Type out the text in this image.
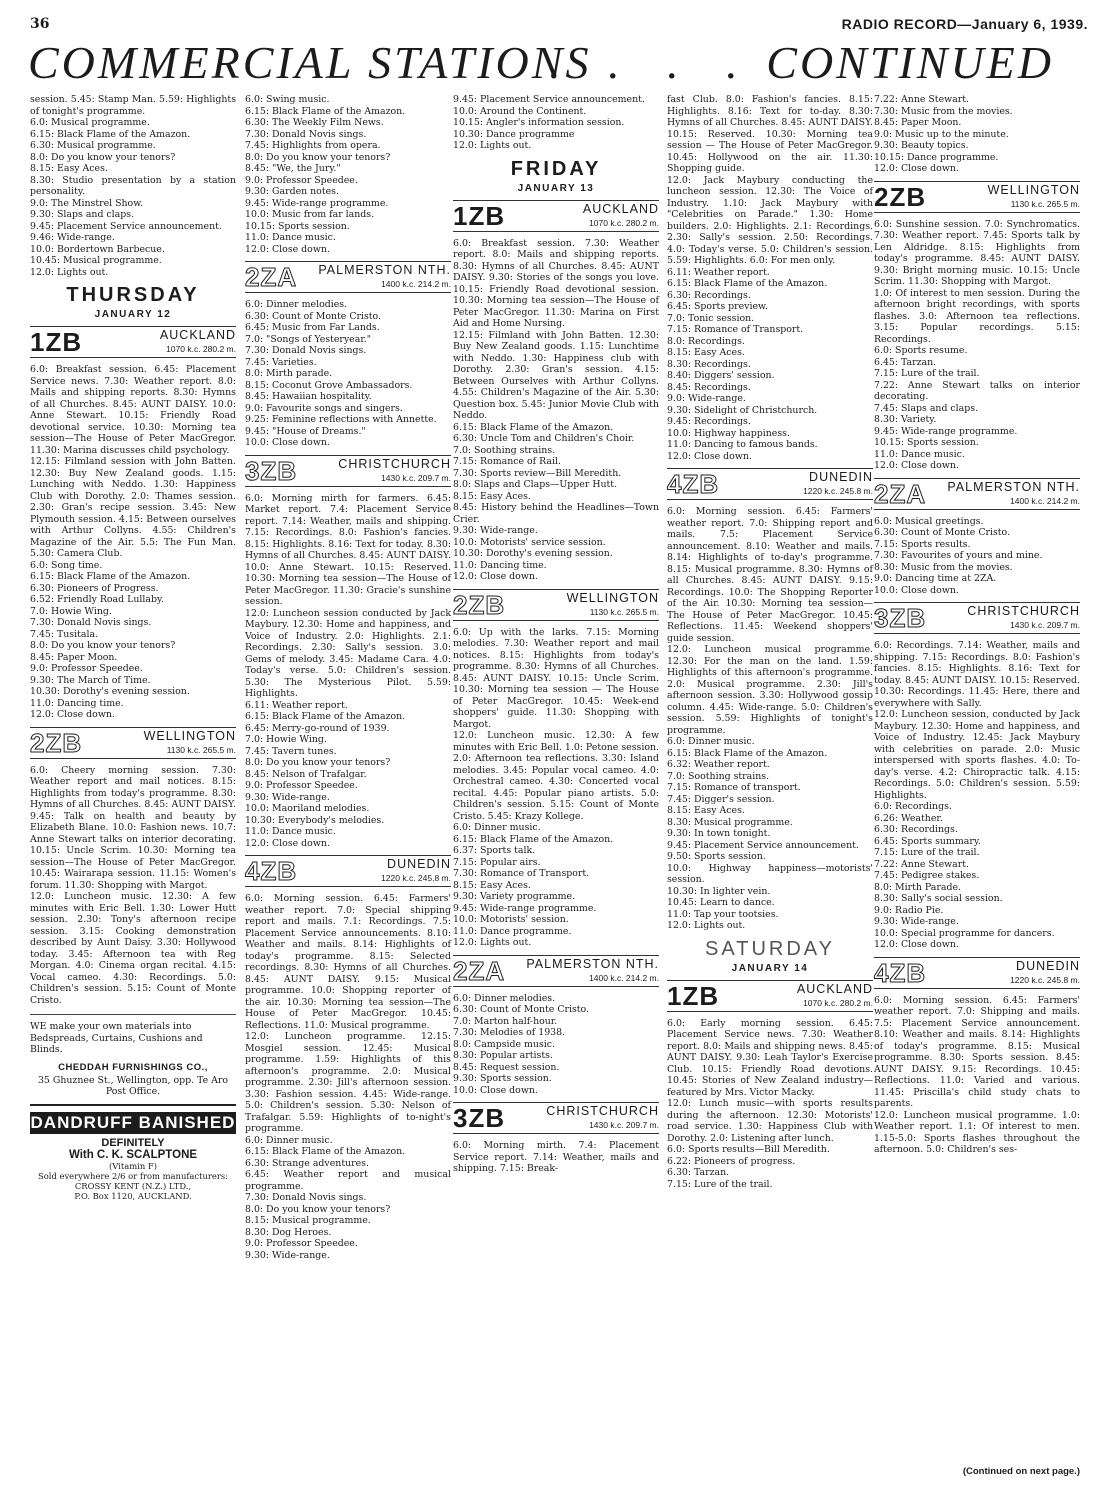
36	RADIO RECORD—January 6, 1939.
COMMERCIAL STATIONS
. . . . CONTINUED

session. 5.45: Stamp Man. 5.59: Highlights of tonight's programme.
6.0: Musical programme.
6.15: Black Flame of the Amazon.
6.30: Musical programme.
8.0: Do you know your tenors?
8.15: Easy Aces.
8.30: Studio presentation by a station personality.
9.0: The Minstrel Show.
9.30: Slaps and claps.
9.45: Placement Service announcement.
9.46: Wide-range.
10.0: Bordertown Barbecue.
10.45: Musical programme.
12.0: Lights out.

THURSDAY
JANUARY 12
1ZB	AUCKLAND
1070 k.c. 280.2 m.

6.0: Breakfast session. 6.45: Placement Service news. 7.30: Weather report. 8.0: Mails and shipping reports. 8.30: Hymns of all Churches. 8.45: AUNT DAISY. 10.0: Anne Stewart. 10.15: Friendly Road devotional service. 10.30: Morning tea session—The House of Peter MacGregor. 11.30: Marina discusses child psychology.
12.15: Filmland session with John Batten. 12.30: Buy New Zealand goods. 1.15: Lunching with Neddo. 1.30: Happiness Club with Dorothy. 2.0: Thames session. 2.30: Gran's recipe session. 3.45: New Plymouth session. 4.15: Between ourselves with Arthur Collyns. 4.55: Children's Magazine of the Air. 5.5: The Fun Man. 5.30: Camera Club.
6.0: Song time.
6.15: Black Flame of the Amazon.
6.30: Pioneers of Progress.
6.52: Friendly Road Lullaby.
7.0: Howie Wing.
7.30: Donald Novis sings.
7.45: Tusitala.
8.0: Do you know your tenors?
8.45: Paper Moon.
9.0: Professor Speedee.
9.30: The March of Time.
10.30: Dorothy's evening session.
11.0: Dancing time.
12.0: Close down.

2ZB	WELLINGTON
1130 k.c. 265.5 m.

6.0: Cheery morning session. 7.30: Weather report and mail notices. 8.15: Highlights from today's programme. 8.30: Hymns of all Churches. 8.45: AUNT DAISY. 9.45: Talk on health and beauty by Elizabeth Blane. 10.0: Fashion news. 10.7: Anne Stewart talks on interior decorating. 10.15: Uncle Scrim. 10.30: Morning tea session—The House of Peter MacGregor. 10.45: Wairarapa session. 11.15: Women's forum. 11.30: Shopping with Margot.
12.0: Luncheon music. 12.30: A few minutes with Eric Bell. 1.30: Lower Hutt session. 2.30: Tony's afternoon recipe session. 3.15: Cooking demonstration described by Aunt Daisy. 3.30: Hollywood today. 3.45: Afternoon tea with Reg Morgan. 4.0: Cinema organ recital. 4.15: Vocal cameo. 4.30: Recordings. 5.0: Children's session. 5.15: Count of Monte Cristo.

WE make your own materials into Bedspreads, Curtains, Cushions and Blinds.

CHEDDAH FURNISHINGS CO.,

35 Ghuznee St., Wellington, opp. Te Aro Post Office.

DANDRUFF BANISHED
DEFINITELY
With C. K. SCALPTONE
(Vitamin F)
Sold everywhere 2/6 or from manufacturers:
CROSSY KENT (N.Z.) LTD.,
P.O. Box 1120, AUCKLAND.

6.0: Swing music.
6.15: Black Flame of the Amazon.
6.30: The Weekly Film News.
7.30: Donald Novis sings.
7.45: Highlights from opera.
8.0: Do you know your tenors?
8.45: "We, the Jury."
9.0: Professor Speedee.
9.30: Garden notes.
9.45: Wide-range programme.
10.0: Music from far lands.
10.15: Sports session.
11.0: Dance music.
12.0: Close down.

2ZA	PALMERSTON NTH.
1400 k.c. 214.2 m.

6.0: Dinner melodies.
6.30: Count of Monte Cristo.
6.45: Music from Far Lands.
7.0: "Songs of Yesteryear."
7.30: Donald Novis sings.
7.45: Varieties.
8.0: Mirth parade.
8.15: Coconut Grove Ambassadors.
8.45: Hawaiian hospitality.
9.0: Favourite songs and singers.
9.25: Feminine reflections with Annette.
9.45: "House of Dreams."
10.0: Close down.

3ZB	CHRISTCHURCH
1430 k.c. 209.7 m.

6.0: Morning mirth for farmers. 6.45: Market report. 7.4: Placement Service report. 7.14: Weather, mails and shipping. 7.15: Recordings. 8.0: Fashion's fancies. 8.15: Highlights. 8.16: Text for today. 8.30: Hymns of all Churches. 8.45: AUNT DAISY. 10.0: Anne Stewart. 10.15: Reserved. 10.30: Morning tea session—The House of Peter MacGregor. 11.30: Gracie's sunshine session.
12.0: Luncheon session conducted by Jack Maybury. 12.30: Home and happiness, and Voice of Industry. 2.0: Highlights. 2.1: Recordings. 2.30: Sally's session. 3.0: Gems of melody. 3.45: Madame Cara. 4.0: Today's verse. 5.0: Children's session. 5.30: The Mysterious Pilot. 5.59: Highlights.
6.11: Weather report.
6.15: Black Flame of the Amazon.
6.45: Merry-go-round of 1939.
7.0: Howie Wing.
7.45: Tavern tunes.
8.0: Do you know your tenors?
8.45: Nelson of Trafalgar.
9.0: Professor Speedee.
9.30: Wide-range.
10.0: Maoriland melodies.
10.30: Everybody's melodies.
11.0: Dance music.
12.0: Close down.

4ZB	DUNEDIN
1220 k.c. 245.8 m.

6.0: Morning session. 6.45: Farmers' weather report. 7.0: Special shipping report and mails. 7.1: Recordings. 7.5: Placement Service announcements. 8.10: Weather and mails. 8.14: Highlights of today's programme. 8.15: Selected recordings. 8.30: Hymns of all Churches. 8.45: AUNT DAISY. 9.15: Musical programme. 10.0: Shopping reporter of the air. 10.30: Morning tea session—The House of Peter MacGregor. 10.45: Reflections. 11.0: Musical programme.
12.0: Luncheon programme. 12.15: Mosgiel session. 12.45: Musical programme. 1.59: Highlights of this afternoon's programme. 2.0: Musical programme. 2.30: Jill's afternoon session. 3.30: Fashion session. 4.45: Wide-range. 5.0: Children's session. 5.30: Nelson of Trafalgar. 5.59: Highlights of to-night's programme.
6.0: Dinner music.
6.15: Black Flame of the Amazon.
6.30: Strange adventures.
6.45: Weather report and musical programme.
7.30: Donald Novis sings.
8.0: Do you know your tenors?
8.15: Musical programme.
8.30: Dog Heroes.
9.0: Professor Speedee.
9.30: Wide-range.

9.45: Placement Service announcement.
10.0: Around the Continent.
10.15: Angler's information session.
10.30: Dance programme
12.0: Lights out.

FRIDAY
JANUARY 13
1ZB	AUCKLAND
1070 k.c. 280.2 m.

6.0: Breakfast session. 7.30: Weather report. 8.0: Mails and shipping reports. 8.30: Hymns of all Churches. 8.45: AUNT DAISY. 9.30: Stories of the songs you love. 10.15: Friendly Road devotional session. 10.30: Morning tea session—The House of Peter MacGregor. 11.30: Marina on First Aid and Home Nursing.
12.15: Filmland with John Batten. 12.30: Buy New Zealand goods. 1.15: Lunchtime with Neddo. 1.30: Happiness club with Dorothy. 2.30: Gran's session. 4.15: Between Ourselves with Arthur Collyns. 4.55: Children's Magazine of the Air. 5.30: Question box. 5.45: Junior Movie Club with Neddo.
6.15: Black Flame of the Amazon.
6.30: Uncle Tom and Children's Choir.
7.0: Soothing strains.
7.15: Romance of Rail.
7.30: Sports review—Bill Meredith.
8.0: Slaps and Claps—Upper Hutt.
8.15: Easy Aces.
8.45: History behind the Headlines—Town Crier.
9.30: Wide-range.
10.0: Motorists' service session.
10.30: Dorothy's evening session.
11.0: Dancing time.
12.0: Close down.

2ZB	WELLINGTON
1130 k.c. 265.5 m.

6.0: Up with the larks. 7.15: Morning melodies. 7.30: Weather report and mail notices. 8.15: Highlights from today's programme. 8.30: Hymns of all Churches. 8.45: AUNT DAISY. 10.15: Uncle Scrim. 10.30: Morning tea session — The House of Peter MacGregor. 10.45: Week-end shoppers' guide. 11.30: Shopping with Margot.
12.0: Luncheon music. 12.30: A few minutes with Eric Bell. 1.0: Petone session. 2.0: Afternoon tea reflections. 3.30: Island melodies. 3.45: Popular vocal cameo. 4.0: Orchestral cameo. 4.30: Concerted vocal recital. 4.45: Popular piano artists. 5.0: Children's session. 5.15: Count of Monte Cristo. 5.45: Krazy Kollege.
6.0: Dinner music.
6.15: Black Flame of the Amazon.
6.37: Sports talk.
7.15: Popular airs.
7.30: Romance of Transport.
8.15: Easy Aces.
9.30: Variety programme.
9.45: Wide-range programme.
10.0: Motorists' session.
11.0: Dance programme.
12.0: Lights out.

2ZA	PALMERSTON NTH.
1400 k.c. 214.2 m.

6.0: Dinner melodies.
6.30: Count of Monte Cristo.
7.0: Marton half-hour.
7.30: Melodies of 1938.
8.0: Campside music.
8.30: Popular artists.
8.45: Request session.
9.30: Sports session.
10.0: Close down.

3ZB	CHRISTCHURCH
1430 k.c. 209.7 m.

6.0: Morning mirth. 7.4: Placement Service report. 7.14: Weather, mails and shipping. 7.15: Break-

fast Club. 8.0: Fashion's fancies. 8.15: Highlights. 8.16: Text for to-day. 8.30: Hymns of all Churches. 8.45: AUNT DAISY. 10.15: Reserved. 10.30: Morning tea session — The House of Peter MacGregor. 10.45: Hollywood on the air. 11.30: Shopping guide.
12.0: Jack Maybury conducting the luncheon session. 12.30: The Voice of Industry. 1.10: Jack Maybury with "Celebrities on Parade." 1.30: Home builders. 2.0: Highlights. 2.1: Recordings. 2.30: Sally's session. 2.50: Recordings. 4.0: Today's verse. 5.0: Children's session. 5.59: Highlights. 6.0: For men only.
6.11: Weather report.
6.15: Black Flame of the Amazon.
6.30: Recordings.
6.45: Sports preview.
7.0: Tonic session.
7.15: Romance of Transport.
8.0: Recordings.
8.15: Easy Aces.
8.30: Recordings.
8.40: Diggers' session.
8.45: Recordings.
9.0: Wide-range.
9.30: Sidelight of Christchurch.
9.45: Recordings.
10.0: Highway happiness.
11.0: Dancing to famous bands.
12.0: Close down.

4ZB	DUNEDIN
1220 k.c. 245.8 m.

6.0: Morning session. 6.45: Farmers' weather report. 7.0: Shipping report and mails. 7.5: Placement Service announcement. 8.10: Weather and mails. 8.14: Highlights of to-day's programme. 8.15: Musical programme. 8.30: Hymns of all Churches. 8.45: AUNT DAISY. 9.15: Recordings. 10.0: The Shopping Reporter of the Air. 10.30: Morning tea session—The House of Peter MacGregor. 10.45: Reflections. 11.45: Weekend shoppers' guide session.
12.0: Luncheon musical programme. 12.30: For the man on the land. 1.59: Highlights of this afternoon's programme. 2.0: Musical programme. 2.30: Jill's afternoon session. 3.30: Hollywood gossip column. 4.45: Wide-range. 5.0: Children's session. 5.59: Highlights of tonight's programme.
6.0: Dinner music.
6.15: Black Flame of the Amazon.
6.32: Weather report.
7.0: Soothing strains.
7.15: Romance of transport.
7.45: Digger's session.
8.15: Easy Aces.
8.30: Musical programme.
9.30: In town tonight.
9.45: Placement Service announcement.
9.50: Sports session.
10.0: Highway happiness—motorists' session.
10.30: In lighter vein.
10.45: Learn to dance.
11.0: Tap your tootsies.
12.0: Lights out.

SATURDAY
JANUARY 14
1ZB	AUCKLAND
1070 k.c. 280.2 m.

6.0: Early morning session. 6.45: Placement Service news. 7.30: Weather report. 8.0: Mails and shipping news. 8.45: AUNT DAISY. 9.30: Leah Taylor's Exercise Club. 10.15: Friendly Road devotions. 10.45: Stories of New Zealand industry—featured by Mrs. Victor Macky.
12.0: Lunch music—with sports results during the afternoon. 12.30: Motorists' road service. 1.30: Happiness Club with Dorothy. 2.0: Listening after lunch.
6.0: Sports results—Bill Meredith.
6.22: Pioneers of progress.
6.30: Tarzan.
7.15: Lure of the trail.

7.22: Anne Stewart.
7.30: Music from the movies.
8.45: Paper Moon.
9.0: Music up to the minute.
9.30: Beauty topics.
10.15: Dance programme.
12.0: Close down.

2ZB	WELLINGTON
1130 k.c. 265.5 m.

6.0: Sunshine session. 7.0: Synchromatics. 7.30: Weather report. 7.45: Sports talk by Len Aldridge. 8.15: Highlights from today's programme. 8.45: AUNT DAISY. 9.30: Bright morning music. 10.15: Uncle Scrim. 11.30: Shopping with Margot.
1.0: Of interest to men session. During the afternoon bright recordings, with sports flashes. 3.0: Afternoon tea reflections. 3.15: Popular recordings. 5.15: Recordings.
6.0: Sports resume.
6.45: Tarzan.
7.15: Lure of the trail.
7.22: Anne Stewart talks on interior decorating.
7.45: Slaps and claps.
8.30: Variety.
9.45: Wide-range programme.
10.15: Sports session.
11.0: Dance music.
12.0: Close down.

2ZA	PALMERSTON NTH.
1400 k.c. 214.2 m.

6.0: Musical greetings.
6.30: Count of Monte Cristo.
7.15: Sports results.
7.30: Favourites of yours and mine.
8.30: Music from the movies.
9.0: Dancing time at 2ZA.
10.0: Close down.

3ZB	CHRISTCHURCH
1430 k.c. 209.7 m.

6.0: Recordings. 7.14: Weather, mails and shipping. 7.15: Recordings. 8.0: Fashion's fancies. 8.15: Highlights. 8.16: Text for today. 8.45: AUNT DAISY. 10.15: Reserved. 10.30: Recordings. 11.45: Here, there and everywhere with Sally.
12.0: Luncheon session, conducted by Jack Maybury. 12.30: Home and happiness, and Voice of Industry. 12.45: Jack Maybury with celebrities on parade. 2.0: Music interspersed with sports flashes. 4.0: To-day's verse. 4.2: Chiropractic talk. 4.15: Recordings. 5.0: Children's session. 5.59: Highlights.
6.0: Recordings.
6.26: Weather.
6.30: Recordings.
6.45: Sports summary.
7.15: Lure of the trail.
7.22: Anne Stewart.
7.45: Pedigree stakes.
8.0: Mirth Parade.
8.30: Sally's social session.
9.0: Radio Pie.
9.30: Wide-range.
10.0: Special programme for dancers.
12.0: Close down.

4ZB	DUNEDIN
1220 k.c. 245.8 m.

6.0: Morning session. 6.45: Farmers' weather report. 7.0: Shipping and mails. 7.5: Placement Service announcement. 8.10: Weather and mails. 8.14: Highlights of today's programme. 8.15: Musical programme. 8.30: Sports session. 8.45: AUNT DAISY. 9.15: Recordings. 10.45: Reflections. 11.0: Varied and various. 11.45: Priscilla's child study chats to parents.
12.0: Luncheon musical programme. 1.0: Weather report. 1.1: Of interest to men. 1.15-5.0: Sports flashes throughout the afternoon. 5.0: Children's ses-

(Continued on next page.)
